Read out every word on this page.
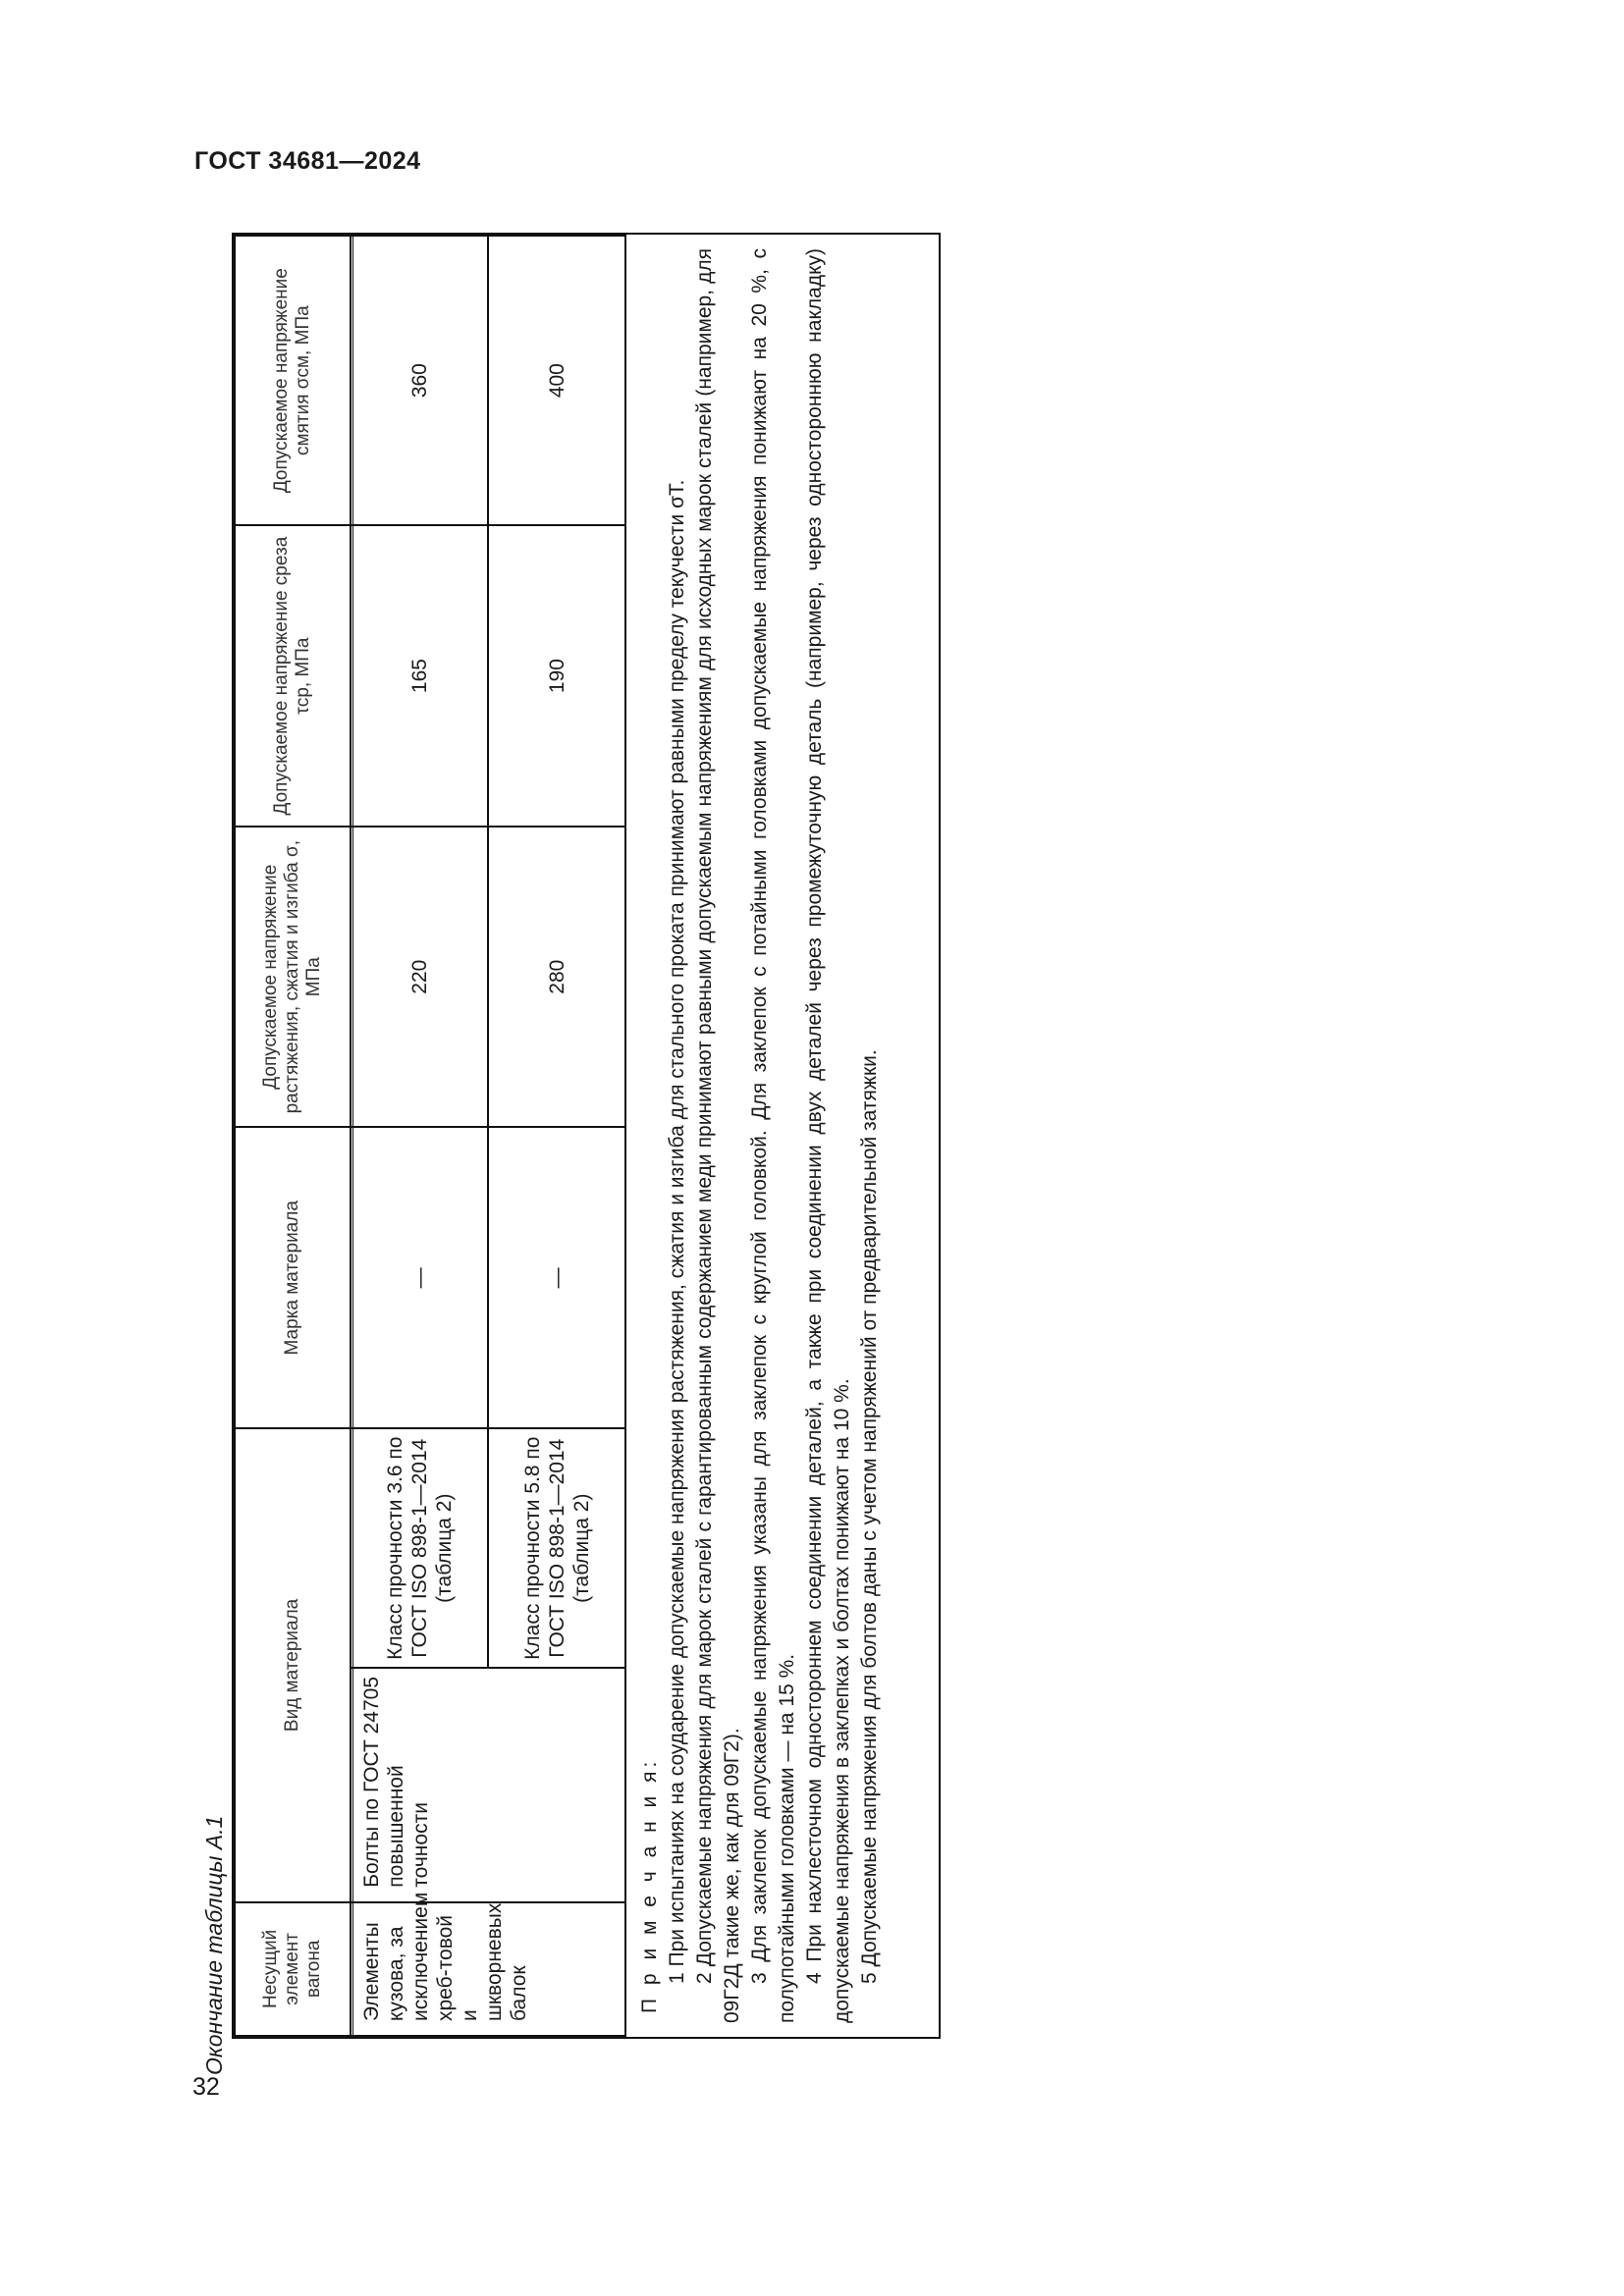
ГОСТ 34681—2024
Окончание таблицы А.1	Несущий элемент вагона	Вид материала		Марка материала	Допускаемое напряжение растяжения, сжатия и изгиба σ, МПа	Допускаемое напряжение среза τср, МПа	Допускаемое напряжение смятия σсм, МПа
Элементы кузова, за исключением хреб-товой и шкворневых балок	Болты по ГОСТ 24705 повышенной точности	Класс прочности 3.6 по ГОСТ ISO 898-1—2014 (таблица 2)	—	220	165	360
		Класс прочности 5.8 по ГОСТ ISO 898-1—2014 (таблица 2)	—	280	190	400
П р и м е ч а н и я: 1 При испытаниях на соударение допускаемые напряжения растяжения, сжатия и изгиба для стального проката принимают равными пределу текучести σТ. 2 Допускаемые напряжения для марок сталей с гарантированным содержанием меди принимают равными допускаемым напряжениям для исходных марок сталей (например, для 09Г2Д такие же, как для 09Г2). 3 Для заклепок допускаемые напряжения указаны для заклепок с круглой головкой. Для заклепок с потайными головками допускаемые напряжения понижают на 20 %, с полупотайными головками — на 15 %. 4 При нахлесточном одностороннем соединении деталей, а также при соединении двух деталей через промежуточную деталь (например, через одностороннюю накладку) допускаемые напряжения в заклепках и болтах понижают на 10 %. 5 Допускаемые напряжения для болтов даны с учетом напряжений от предварительной затяжки.

32
